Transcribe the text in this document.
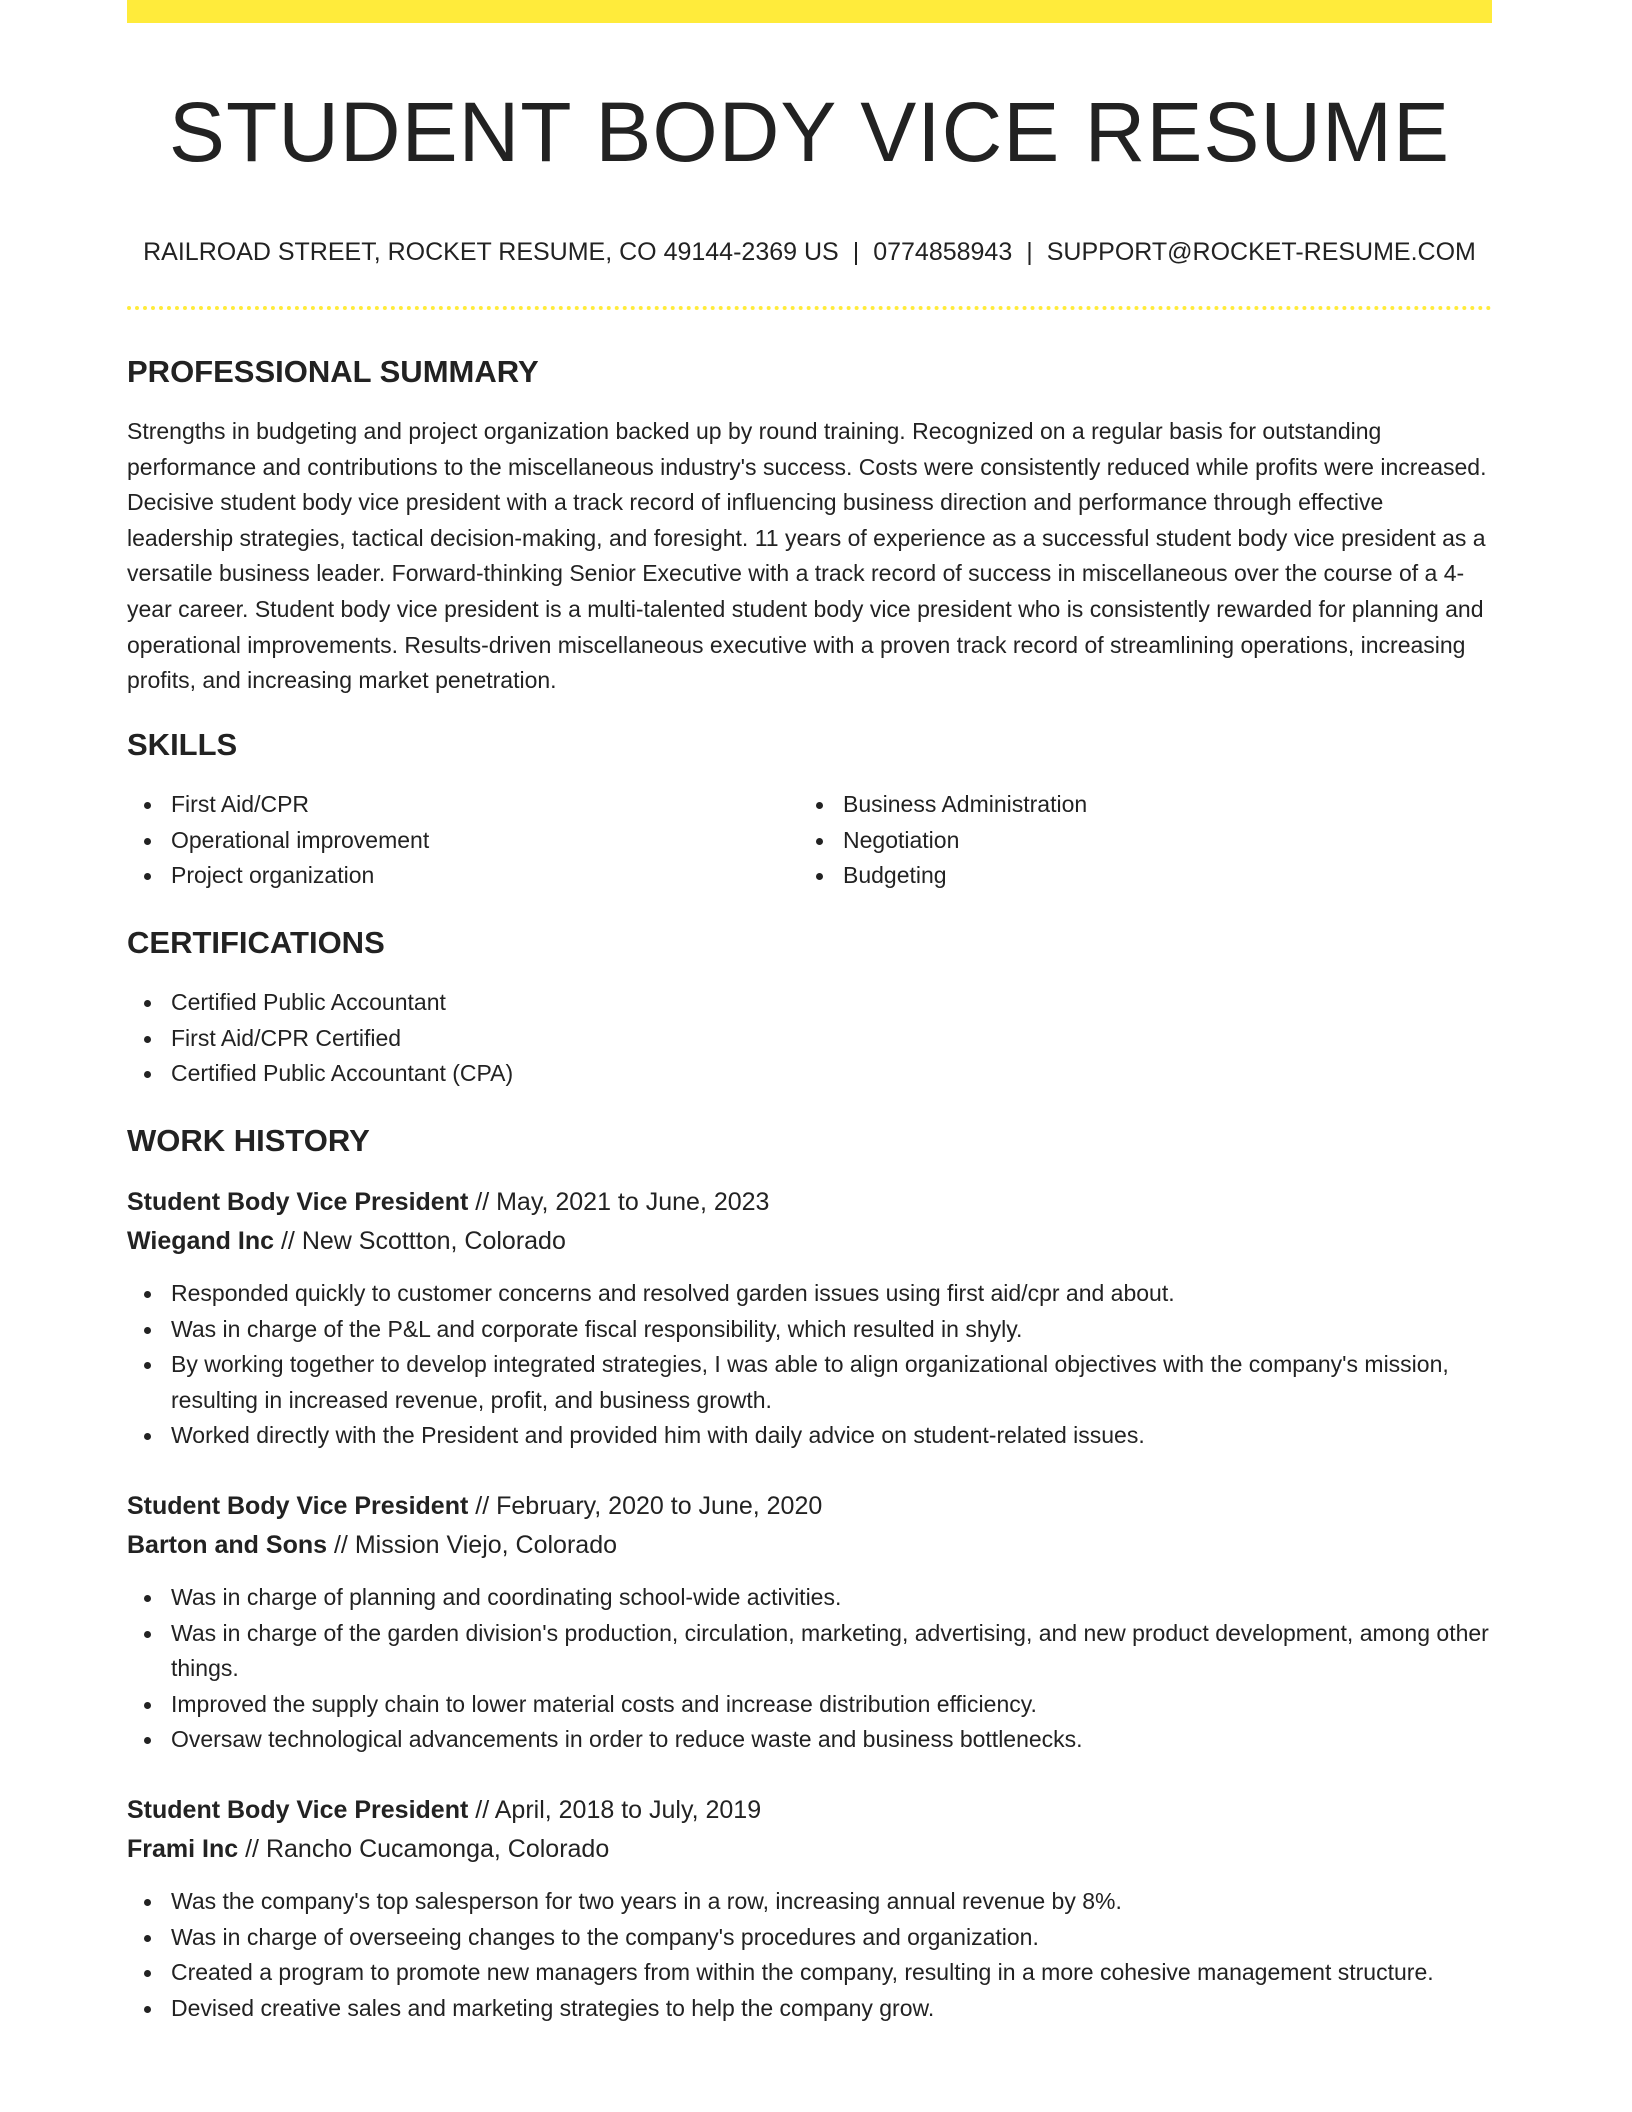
STUDENT BODY VICE RESUME
RAILROAD STREET, ROCKET RESUME, CO 49144-2369 US | 0774858943 | SUPPORT@ROCKET-RESUME.COM
PROFESSIONAL SUMMARY

Strengths in budgeting and project organization backed up by round training. Recognized on a regular basis for outstanding performance and contributions to the miscellaneous industry's success. Costs were consistently reduced while profits were increased. Decisive student body vice president with a track record of influencing business direction and performance through effective leadership strategies, tactical decision-making, and foresight. 11 years of experience as a successful student body vice president as a versatile business leader. Forward-thinking Senior Executive with a track record of success in miscellaneous over the course of a 4-year career. Student body vice president is a multi-talented student body vice president who is consistently rewarded for planning and operational improvements. Results-driven miscellaneous executive with a proven track record of streamlining operations, increasing profits, and increasing market penetration.

SKILLS
First Aid/CPR
Operational improvement
Project organization
Business Administration
Negotiation
Budgeting
CERTIFICATIONS
Certified Public Accountant
First Aid/CPR Certified
Certified Public Accountant (CPA)
WORK HISTORY
Student Body Vice President // May, 2021 to June, 2023
Wiegand Inc // New Scottton, Colorado
Responded quickly to customer concerns and resolved garden issues using first aid/cpr and about.
Was in charge of the P&L and corporate fiscal responsibility, which resulted in shyly.
By working together to develop integrated strategies, I was able to align organizational objectives with the company's mission, resulting in increased revenue, profit, and business growth.
Worked directly with the President and provided him with daily advice on student-related issues.
Student Body Vice President // February, 2020 to June, 2020
Barton and Sons // Mission Viejo, Colorado
Was in charge of planning and coordinating school-wide activities.
Was in charge of the garden division's production, circulation, marketing, advertising, and new product development, among other things.
Improved the supply chain to lower material costs and increase distribution efficiency.
Oversaw technological advancements in order to reduce waste and business bottlenecks.
Student Body Vice President // April, 2018 to July, 2019
Frami Inc // Rancho Cucamonga, Colorado
Was the company's top salesperson for two years in a row, increasing annual revenue by 8%.
Was in charge of overseeing changes to the company's procedures and organization.
Created a program to promote new managers from within the company, resulting in a more cohesive management structure.
Devised creative sales and marketing strategies to help the company grow.
